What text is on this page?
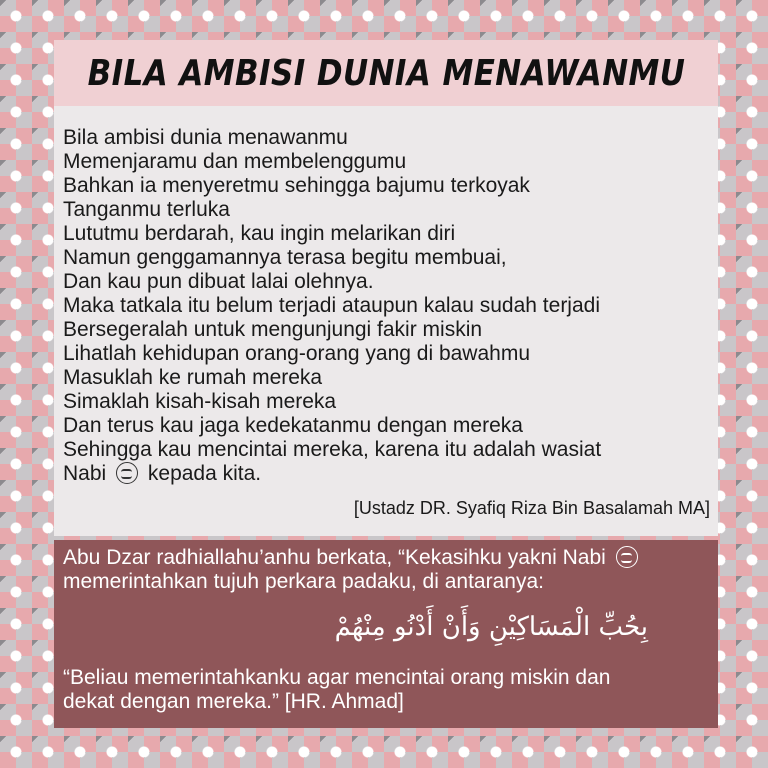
BILA AMBISI DUNIA MENAWANMU
Bila ambisi dunia menawanmu
Memenjaramu dan membelenggumu
Bahkan ia menyeretmu sehingga bajumu terkoyak
Tanganmu terluka
Lututmu berdarah, kau ingin melarikan diri
Namun genggamannya terasa begitu membuai,
Dan kau pun dibuat lalai olehnya.
Maka tatkala itu belum terjadi ataupun kalau sudah terjadi
Bersegeralah untuk mengunjungi fakir miskin
Lihatlah kehidupan orang-orang yang di bawahmu
Masuklah ke rumah mereka
Simaklah kisah-kisah mereka
Dan terus kau jaga kedekatanmu dengan mereka
Sehingga kau mencintai mereka, karena itu adalah wasiat
Nabi kepada kita.
[Ustadz DR. Syafiq Riza Bin Basalamah MA]

Abu Dzar radhiallahu’anhu berkata, “Kekasihku yakni Nabi
memerintahkan tujuh perkara padaku, di antaranya:

بِحُبِّ الْمَسَاكِيْنِ وَأَنْ أَدْنُو مِنْهُمْ
“Beliau memerintahkanku agar mencintai orang miskin dan
dekat dengan mereka.” [HR. Ahmad]
